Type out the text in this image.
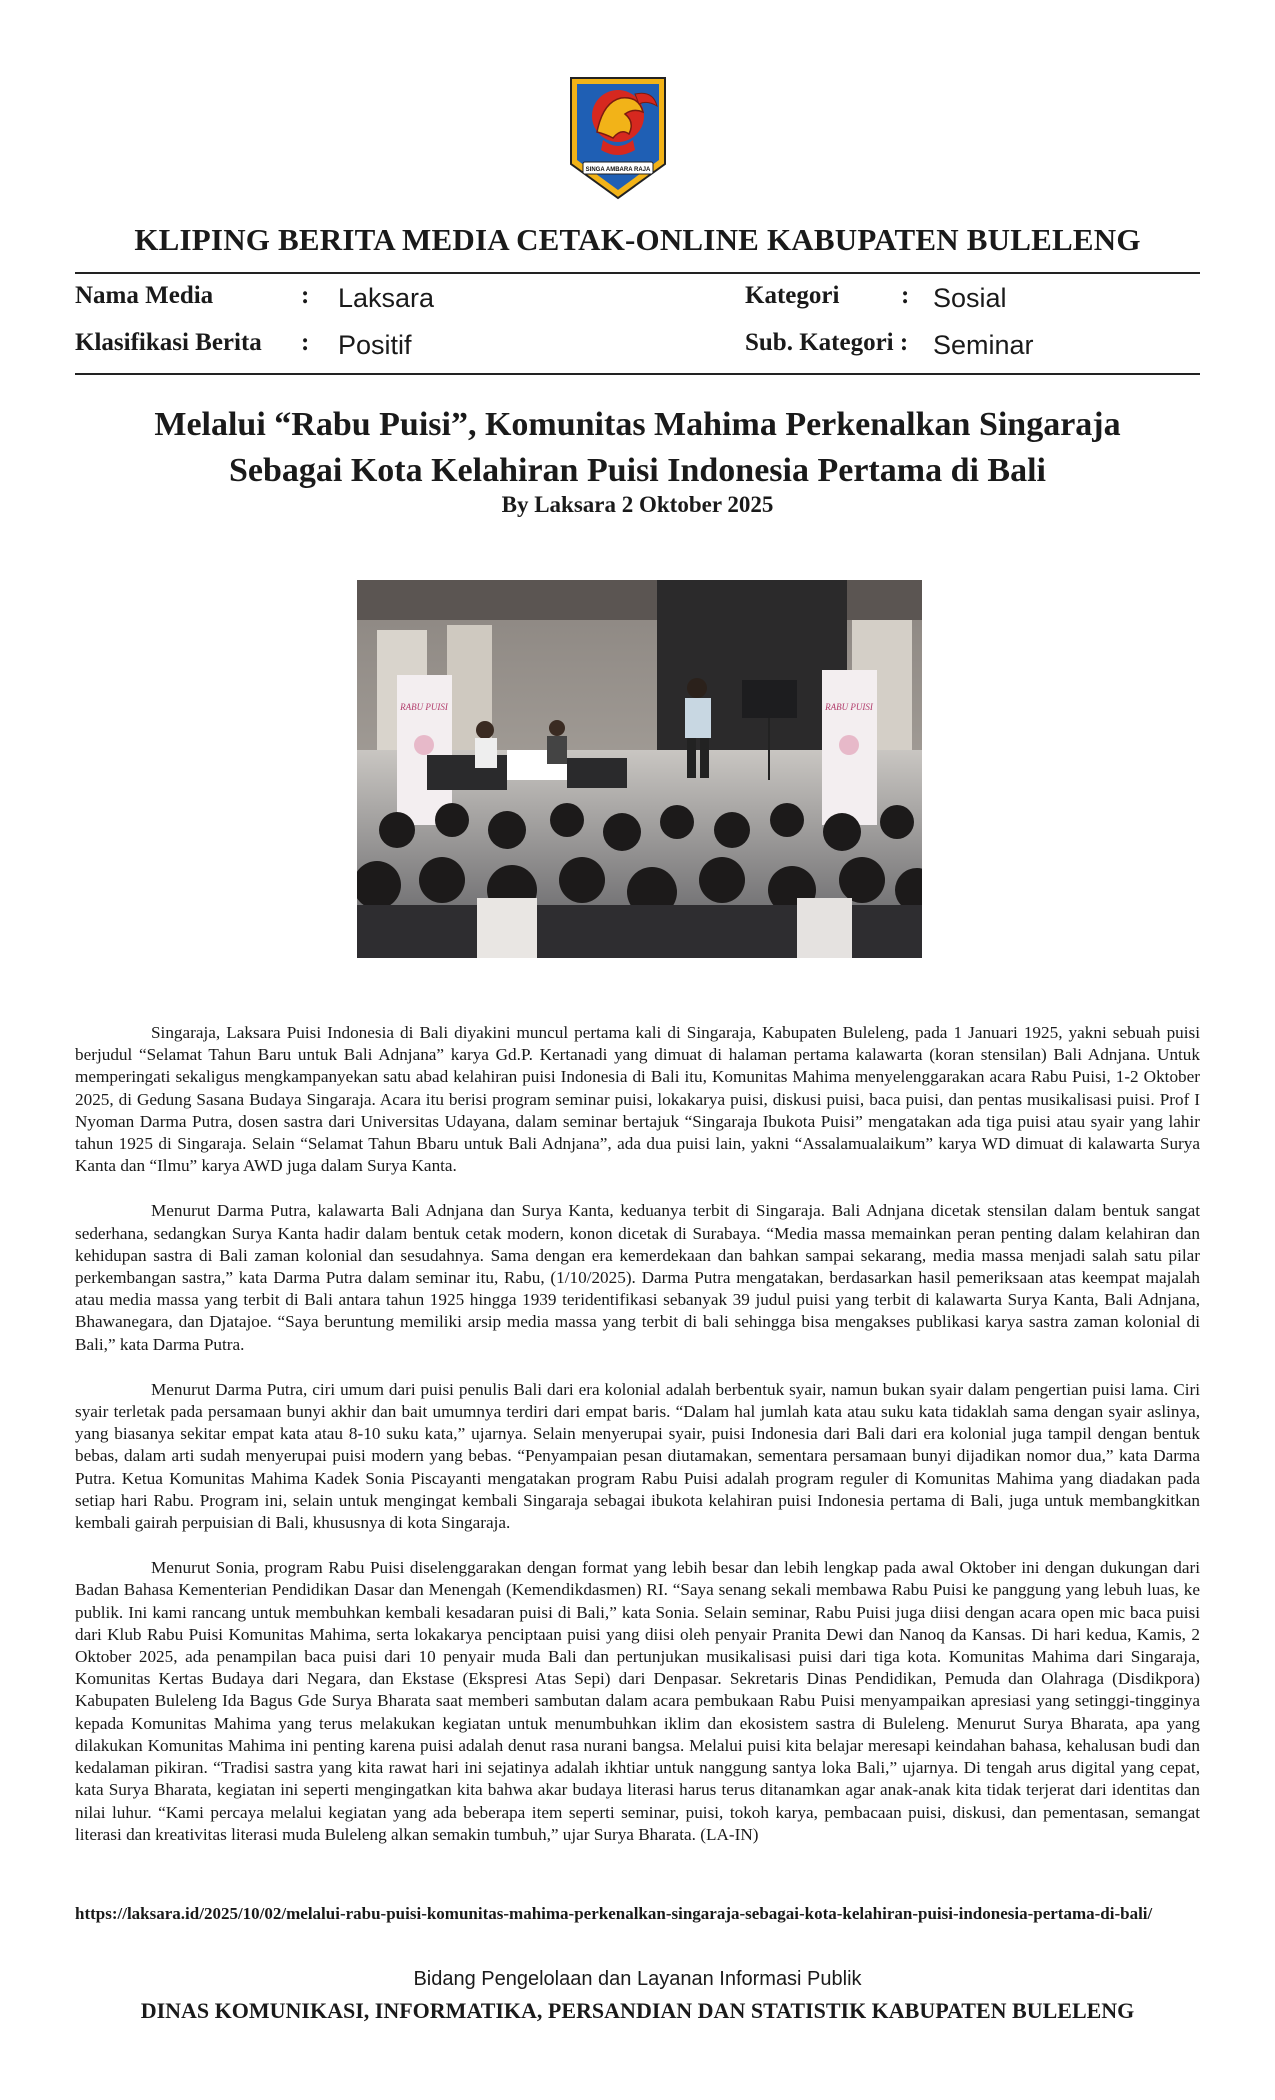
SINGA AMBARA RAJA
KLIPING BERITA MEDIA CETAK-ONLINE KABUPATEN BULELENG
Nama Media	: Laksara	Kategori : Sosial
Klasifikasi Berita : Positif	Sub. Kategori : Seminar
Melalui “Rabu Puisi”, Komunitas Mahima Perkenalkan Singaraja
Sebagai Kota Kelahiran Puisi Indonesia Pertama di Bali
By Laksara 2 Oktober 2025
RABU PUISI	RABU PUISI

Singaraja, Laksara Puisi Indonesia di Bali diyakini muncul pertama kali di Singaraja, Kabupaten Buleleng, pada 1 Januari 1925, yakni sebuah puisi berjudul “Selamat Tahun Baru untuk Bali Adnjana” karya Gd.P. Kertanadi yang dimuat di halaman pertama kalawarta (koran stensilan) Bali Adnjana. Untuk memperingati sekaligus mengkampanyekan satu abad kelahiran puisi Indonesia di Bali itu, Komunitas Mahima menyelenggarakan acara Rabu Puisi, 1-2 Oktober 2025, di Gedung Sasana Budaya Singaraja. Acara itu berisi program seminar puisi, lokakarya puisi, diskusi puisi, baca puisi, dan pentas musikalisasi puisi. Prof I Nyoman Darma Putra, dosen sastra dari Universitas Udayana, dalam seminar bertajuk “Singaraja Ibukota Puisi” mengatakan ada tiga puisi atau syair yang lahir tahun 1925 di Singaraja. Selain “Selamat Tahun Bbaru untuk Bali Adnjana”, ada dua puisi lain, yakni “Assalamualaikum” karya WD dimuat di kalawarta Surya Kanta dan “Ilmu” karya AWD juga dalam Surya Kanta.

Menurut Darma Putra, kalawarta Bali Adnjana dan Surya Kanta, keduanya terbit di Singaraja. Bali Adnjana dicetak stensilan dalam bentuk sangat sederhana, sedangkan Surya Kanta hadir dalam bentuk cetak modern, konon dicetak di Surabaya. “Media massa memainkan peran penting dalam kelahiran dan kehidupan sastra di Bali zaman kolonial dan sesudahnya. Sama dengan era kemerdekaan dan bahkan sampai sekarang, media massa menjadi salah satu pilar perkembangan sastra,” kata Darma Putra dalam seminar itu, Rabu, (1/10/2025). Darma Putra mengatakan, berdasarkan hasil pemeriksaan atas keempat majalah atau media massa yang terbit di Bali antara tahun 1925 hingga 1939 teridentifikasi sebanyak 39 judul puisi yang terbit di kalawarta Surya Kanta, Bali Adnjana, Bhawanegara, dan Djatajoe. “Saya beruntung memiliki arsip media massa yang terbit di bali sehingga bisa mengakses publikasi karya sastra zaman kolonial di Bali,” kata Darma Putra.

Menurut Darma Putra, ciri umum dari puisi penulis Bali dari era kolonial adalah berbentuk syair, namun bukan syair dalam pengertian puisi lama. Ciri syair terletak pada persamaan bunyi akhir dan bait umumnya terdiri dari empat baris. “Dalam hal jumlah kata atau suku kata tidaklah sama dengan syair aslinya, yang biasanya sekitar empat kata atau 8-10 suku kata,” ujarnya. Selain menyerupai syair, puisi Indonesia dari Bali dari era kolonial juga tampil dengan bentuk bebas, dalam arti sudah menyerupai puisi modern yang bebas. “Penyampaian pesan diutamakan, sementara persamaan bunyi dijadikan nomor dua,” kata Darma Putra. Ketua Komunitas Mahima Kadek Sonia Piscayanti mengatakan program Rabu Puisi adalah program reguler di Komunitas Mahima yang diadakan pada setiap hari Rabu. Program ini, selain untuk mengingat kembali Singaraja sebagai ibukota kelahiran puisi Indonesia pertama di Bali, juga untuk membangkitkan kembali gairah perpuisian di Bali, khususnya di kota Singaraja.

Menurut Sonia, program Rabu Puisi diselenggarakan dengan format yang lebih besar dan lebih lengkap pada awal Oktober ini dengan dukungan dari Badan Bahasa Kementerian Pendidikan Dasar dan Menengah (Kemendikdasmen) RI. “Saya senang sekali membawa Rabu Puisi ke panggung yang lebuh luas, ke publik. Ini kami rancang untuk membuhkan kembali kesadaran puisi di Bali,” kata Sonia. Selain seminar, Rabu Puisi juga diisi dengan acara open mic baca puisi dari Klub Rabu Puisi Komunitas Mahima, serta lokakarya penciptaan puisi yang diisi oleh penyair Pranita Dewi dan Nanoq da Kansas. Di hari kedua, Kamis, 2 Oktober 2025, ada penampilan baca puisi dari 10 penyair muda Bali dan pertunjukan musikalisasi puisi dari tiga kota. Komunitas Mahima dari Singaraja, Komunitas Kertas Budaya dari Negara, dan Ekstase (Ekspresi Atas Sepi) dari Denpasar. Sekretaris Dinas Pendidikan, Pemuda dan Olahraga (Disdikpora) Kabupaten Buleleng Ida Bagus Gde Surya Bharata saat memberi sambutan dalam acara pembukaan Rabu Puisi menyampaikan apresiasi yang setinggi-tingginya kepada Komunitas Mahima yang terus melakukan kegiatan untuk menumbuhkan iklim dan ekosistem sastra di Buleleng. Menurut Surya Bharata, apa yang dilakukan Komunitas Mahima ini penting karena puisi adalah denut rasa nurani bangsa. Melalui puisi kita belajar meresapi keindahan bahasa, kehalusan budi dan kedalaman pikiran. “Tradisi sastra yang kita rawat hari ini sejatinya adalah ikhtiar untuk nanggung santya loka Bali,” ujarnya. Di tengah arus digital yang cepat, kata Surya Bharata, kegiatan ini seperti mengingatkan kita bahwa akar budaya literasi harus terus ditanamkan agar anak-anak kita tidak terjerat dari identitas dan nilai luhur. “Kami percaya melalui kegiatan yang ada beberapa item seperti seminar, puisi, tokoh karya, pembacaan puisi, diskusi, dan pementasan, semangat literasi dan kreativitas literasi muda Buleleng alkan semakin tumbuh,” ujar Surya Bharata. (LA-IN)

https://laksara.id/2025/10/02/melalui-rabu-puisi-komunitas-mahima-perkenalkan-singaraja-sebagai-kota-kelahiran-puisi-indonesia-pertama-di-bali/
Bidang Pengelolaan dan Layanan Informasi Publik
DINAS KOMUNIKASI, INFORMATIKA, PERSANDIAN DAN STATISTIK KABUPATEN BULELENG
